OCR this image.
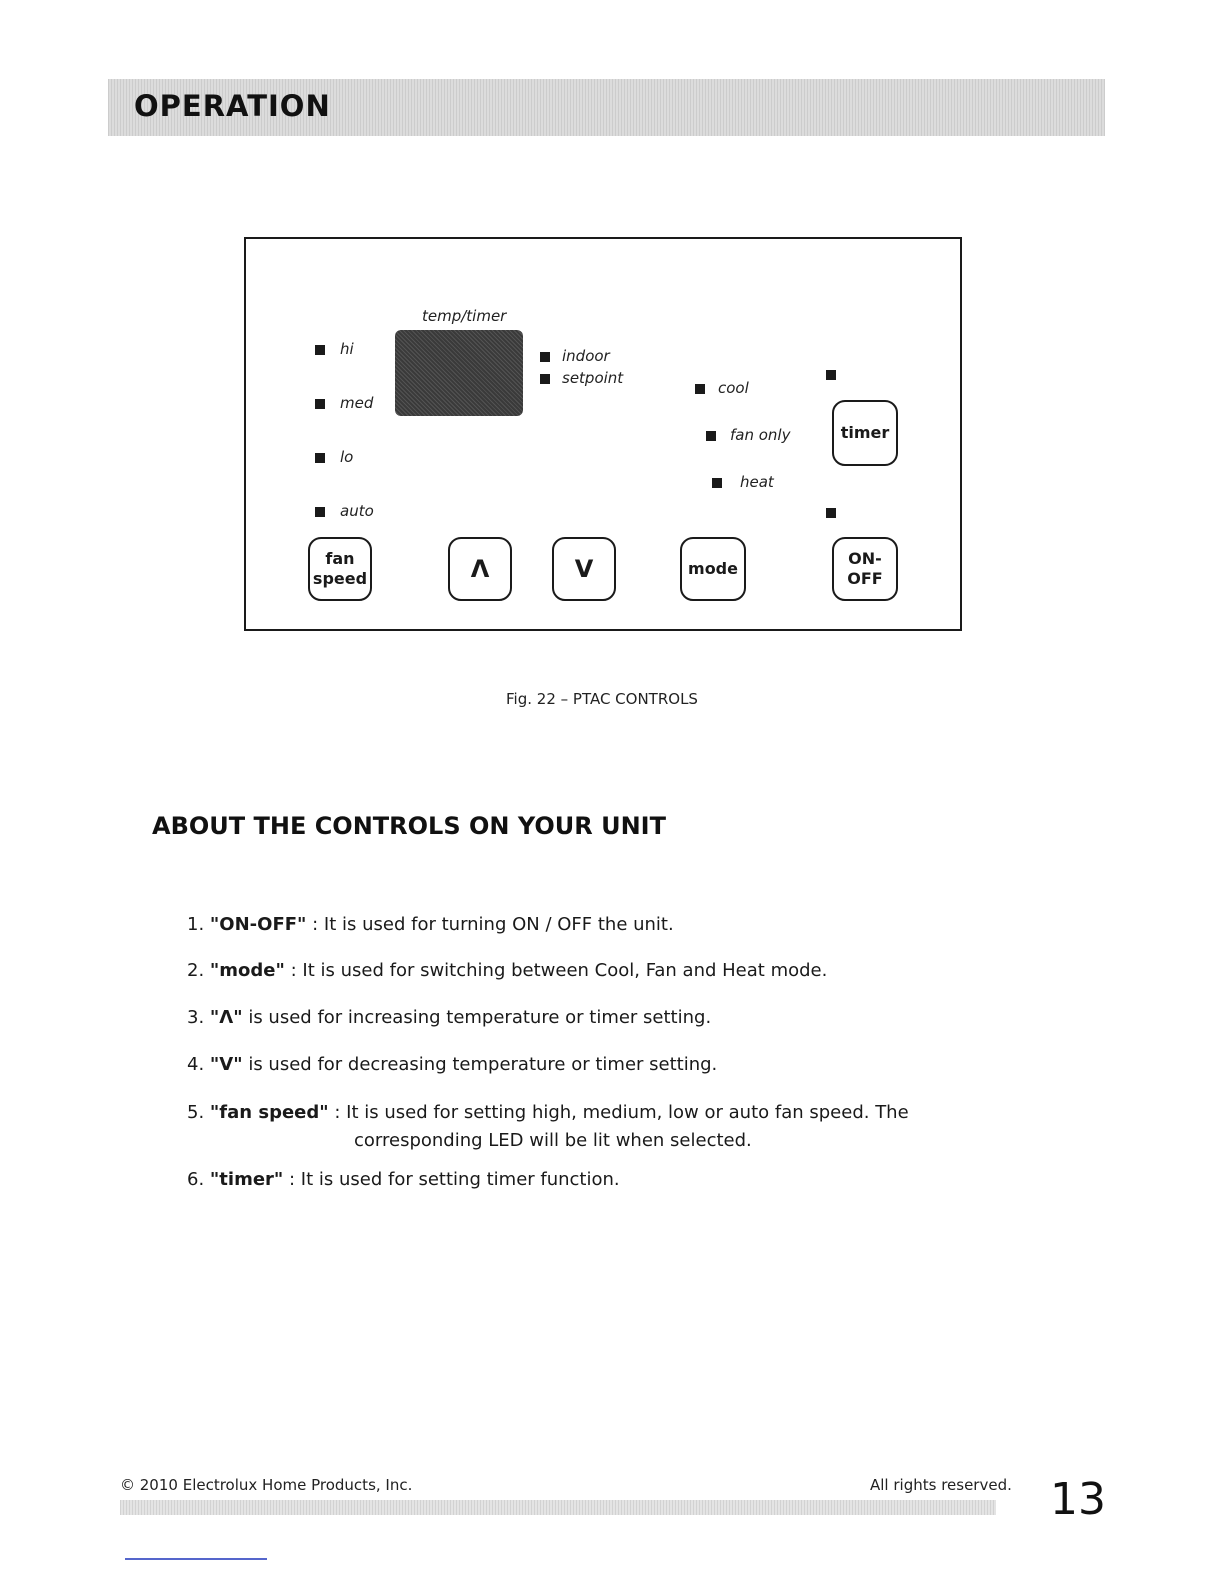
OPERATION
temp/timer
hi
med
lo
auto
indoor
setpoint
cool
fan only
heat
timer
fan
speed	Λ	V	mode
ON-
OFF
Fig. 22 – PTAC CONTROLS
ABOUT THE CONTROLS ON YOUR UNIT
1. "ON-OFF" : It is used for turning ON / OFF the unit.
2. "mode" : It is used for switching between Cool, Fan and Heat mode.
3. "Λ" is used for increasing temperature or timer setting.
4. "V" is used for decreasing temperature or timer setting.
5. "fan speed" : It is used for setting high, medium, low or auto fan speed. The
corresponding LED will be lit when selected.
6. "timer" : It is used for setting timer function.
© 2010 Electrolux Home Products, Inc.	All rights reserved. 13
